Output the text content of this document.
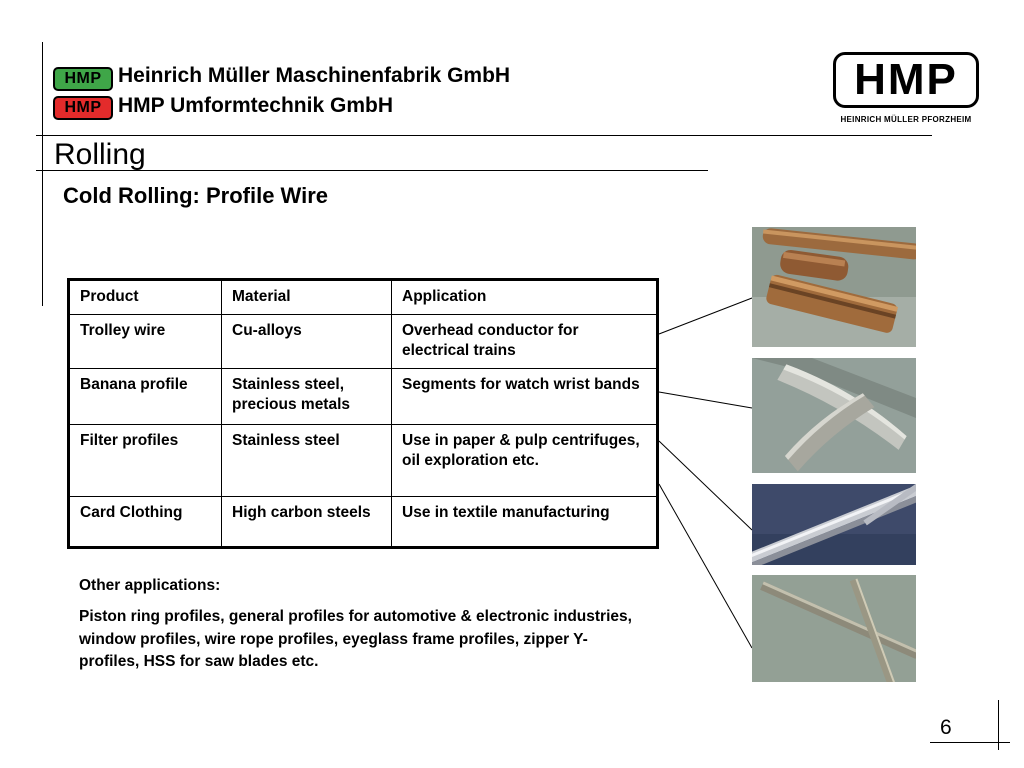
HMP Heinrich Müller Maschinenfabrik GmbH
HMP HMP Umformtechnik GmbH
HMP
HEINRICH MÜLLER PFORZHEIM
Rolling
Cold Rolling: Profile Wire
Product	Material	Application
Trolley wire	Cu-alloys	Overhead conductor for electrical trains
Banana profile	Stainless steel, precious metals	Segments for watch wrist bands
Filter profiles	Stainless steel	Use in paper & pulp centrifuges, oil exploration etc.
Card Clothing	High carbon steels	Use in textile manufacturing
Other applications:
Piston ring profiles, general profiles for automotive & electronic industries, window profiles, wire rope profiles, eyeglass frame profiles, zipper Y-profiles, HSS for saw blades etc.
6
